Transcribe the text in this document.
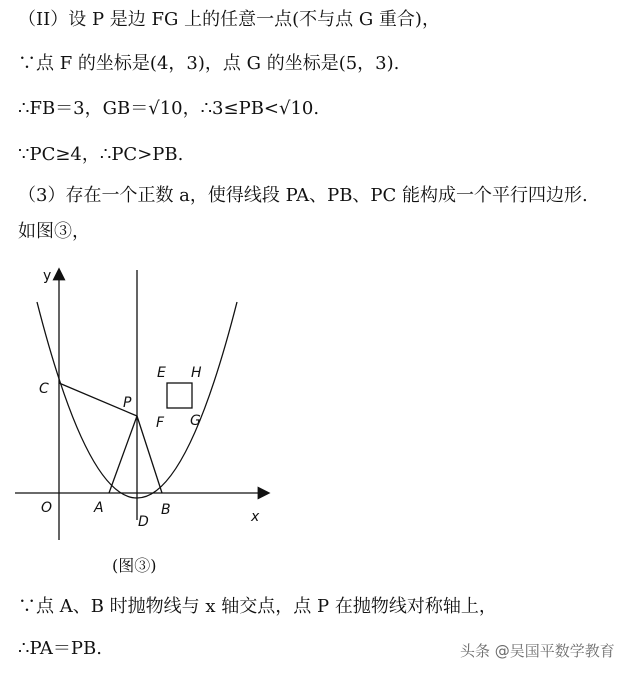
（II）设 P 是边 FG 上的任意一点(不与点 G 重合)，
∵点 F 的坐标是(4，3)，点 G 的坐标是(5，3).
∴FB＝3，GB＝√10，∴3≤PB<√10.
∵PC≥4，∴PC>PB.
（3）存在一个正数 a，使得线段 PA、PB、PC 能构成一个平行四边形.
如图③，
y
x
O
C
P
A	B
D
E H
F G
(图③)
∵点 A、B 时抛物线与 x 轴交点，点 P 在抛物线对称轴上，
∴PA＝PB.	头条 @吴国平数学教育
